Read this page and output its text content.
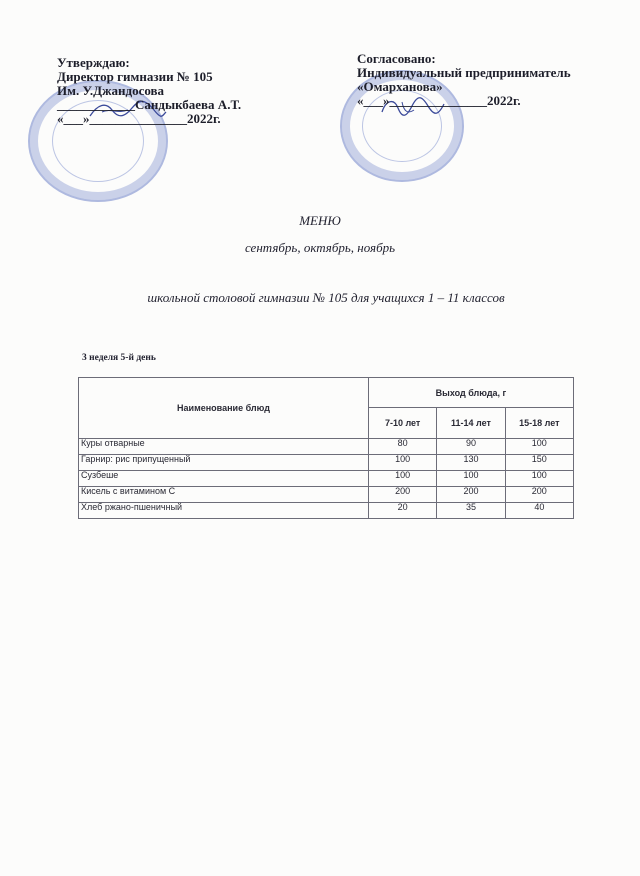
Утверждаю:
Директор гимназии № 105
Им. У.Джандосова
____________Сандыкбаева А.Т.
«___»_______________2022г.
Согласовано:
Индивидуальный предприниматель
«Омарханова»
«___»_______________2022г.
МЕНЮ
сентябрь, октябрь, ноябрь
школьной столовой гимназии № 105 для учащихся 1 – 11 классов
3 неделя 5-й день
Наименование блюд	Выход блюда, г		
	7-10 лет	11-14 лет	15-18 лет
Куры отварные	80	90	100
Гарнир: рис припущенный	100	130	150
Сузбеше	100	100	100
Кисель с витамином С	200	200	200
Хлеб ржано-пшеничный	20	35	40
